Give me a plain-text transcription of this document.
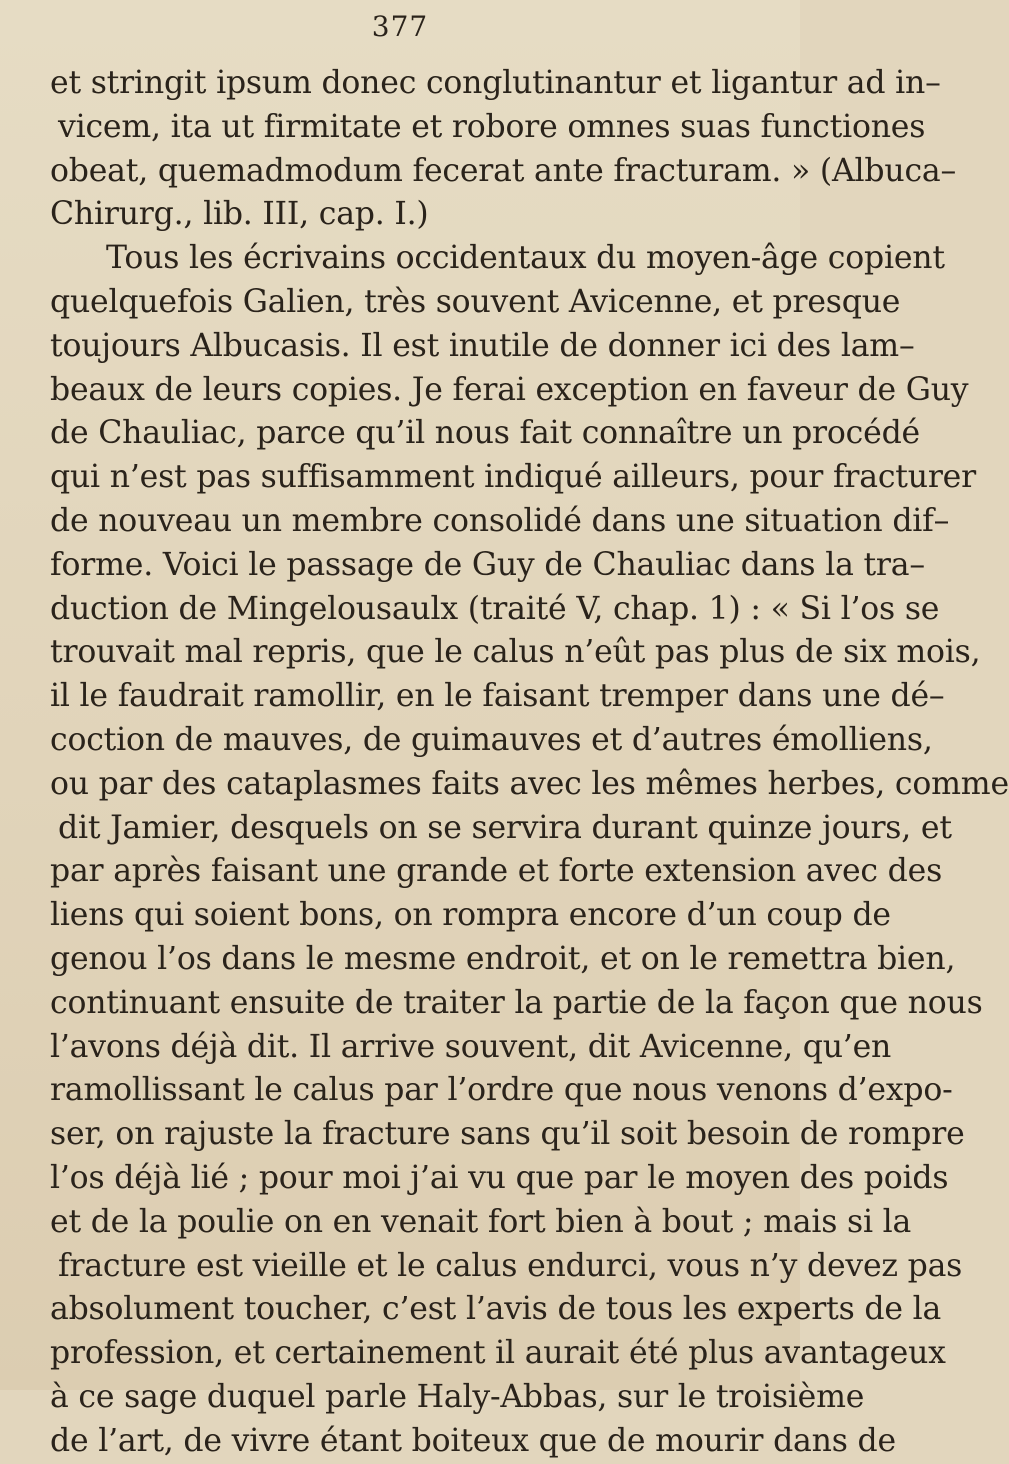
377
et stringit ipsum donec conglutinantur et ligantur ad in–
vicem, ita ut firmitate et robore omnes suas functiones
obeat, quemadmodum fecerat ante fracturam. » (Albuca–
Chirurg., lib. III, cap. I.)
Tous les écrivains occidentaux du moyen-âge copient
quelquefois Galien, très souvent Avicenne, et presque
toujours Albucasis. Il est inutile de donner ici des lam–
beaux de leurs copies. Je ferai exception en faveur de Guy
de Chauliac, parce qu’il nous fait connaître un procédé
qui n’est pas suffisamment indiqué ailleurs, pour fracturer
de nouveau un membre consolidé dans une situation dif–
forme. Voici le passage de Guy de Chauliac dans la tra–
duction de Mingelousaulx (traité V, chap. 1) : « Si l’os se
trouvait mal repris, que le calus n’eût pas plus de six mois,
il le faudrait ramollir, en le faisant tremper dans une dé–
coction de mauves, de guimauves et d’autres émolliens,
ou par des cataplasmes faits avec les mêmes herbes, comme
dit Jamier, desquels on se servira durant quinze jours, et
par après faisant une grande et forte extension avec des
liens qui soient bons, on rompra encore d’un coup de
genou l’os dans le mesme endroit, et on le remettra bien,
continuant ensuite de traiter la partie de la façon que nous
l’avons déjà dit. Il arrive souvent, dit Avicenne, qu’en
ramollissant le calus par l’ordre que nous venons d’expo-
ser, on rajuste la fracture sans qu’il soit besoin de rompre
l’os déjà lié ; pour moi j’ai vu que par le moyen des poids
et de la poulie on en venait fort bien à bout ; mais si la
fracture est vieille et le calus endurci, vous n’y devez pas
absolument toucher, c’est l’avis de tous les experts de la
profession, et certainement il aurait été plus avantageux
à ce sage duquel parle Haly-Abbas, sur le troisième
de l’art, de vivre étant boiteux que de mourir dans de
